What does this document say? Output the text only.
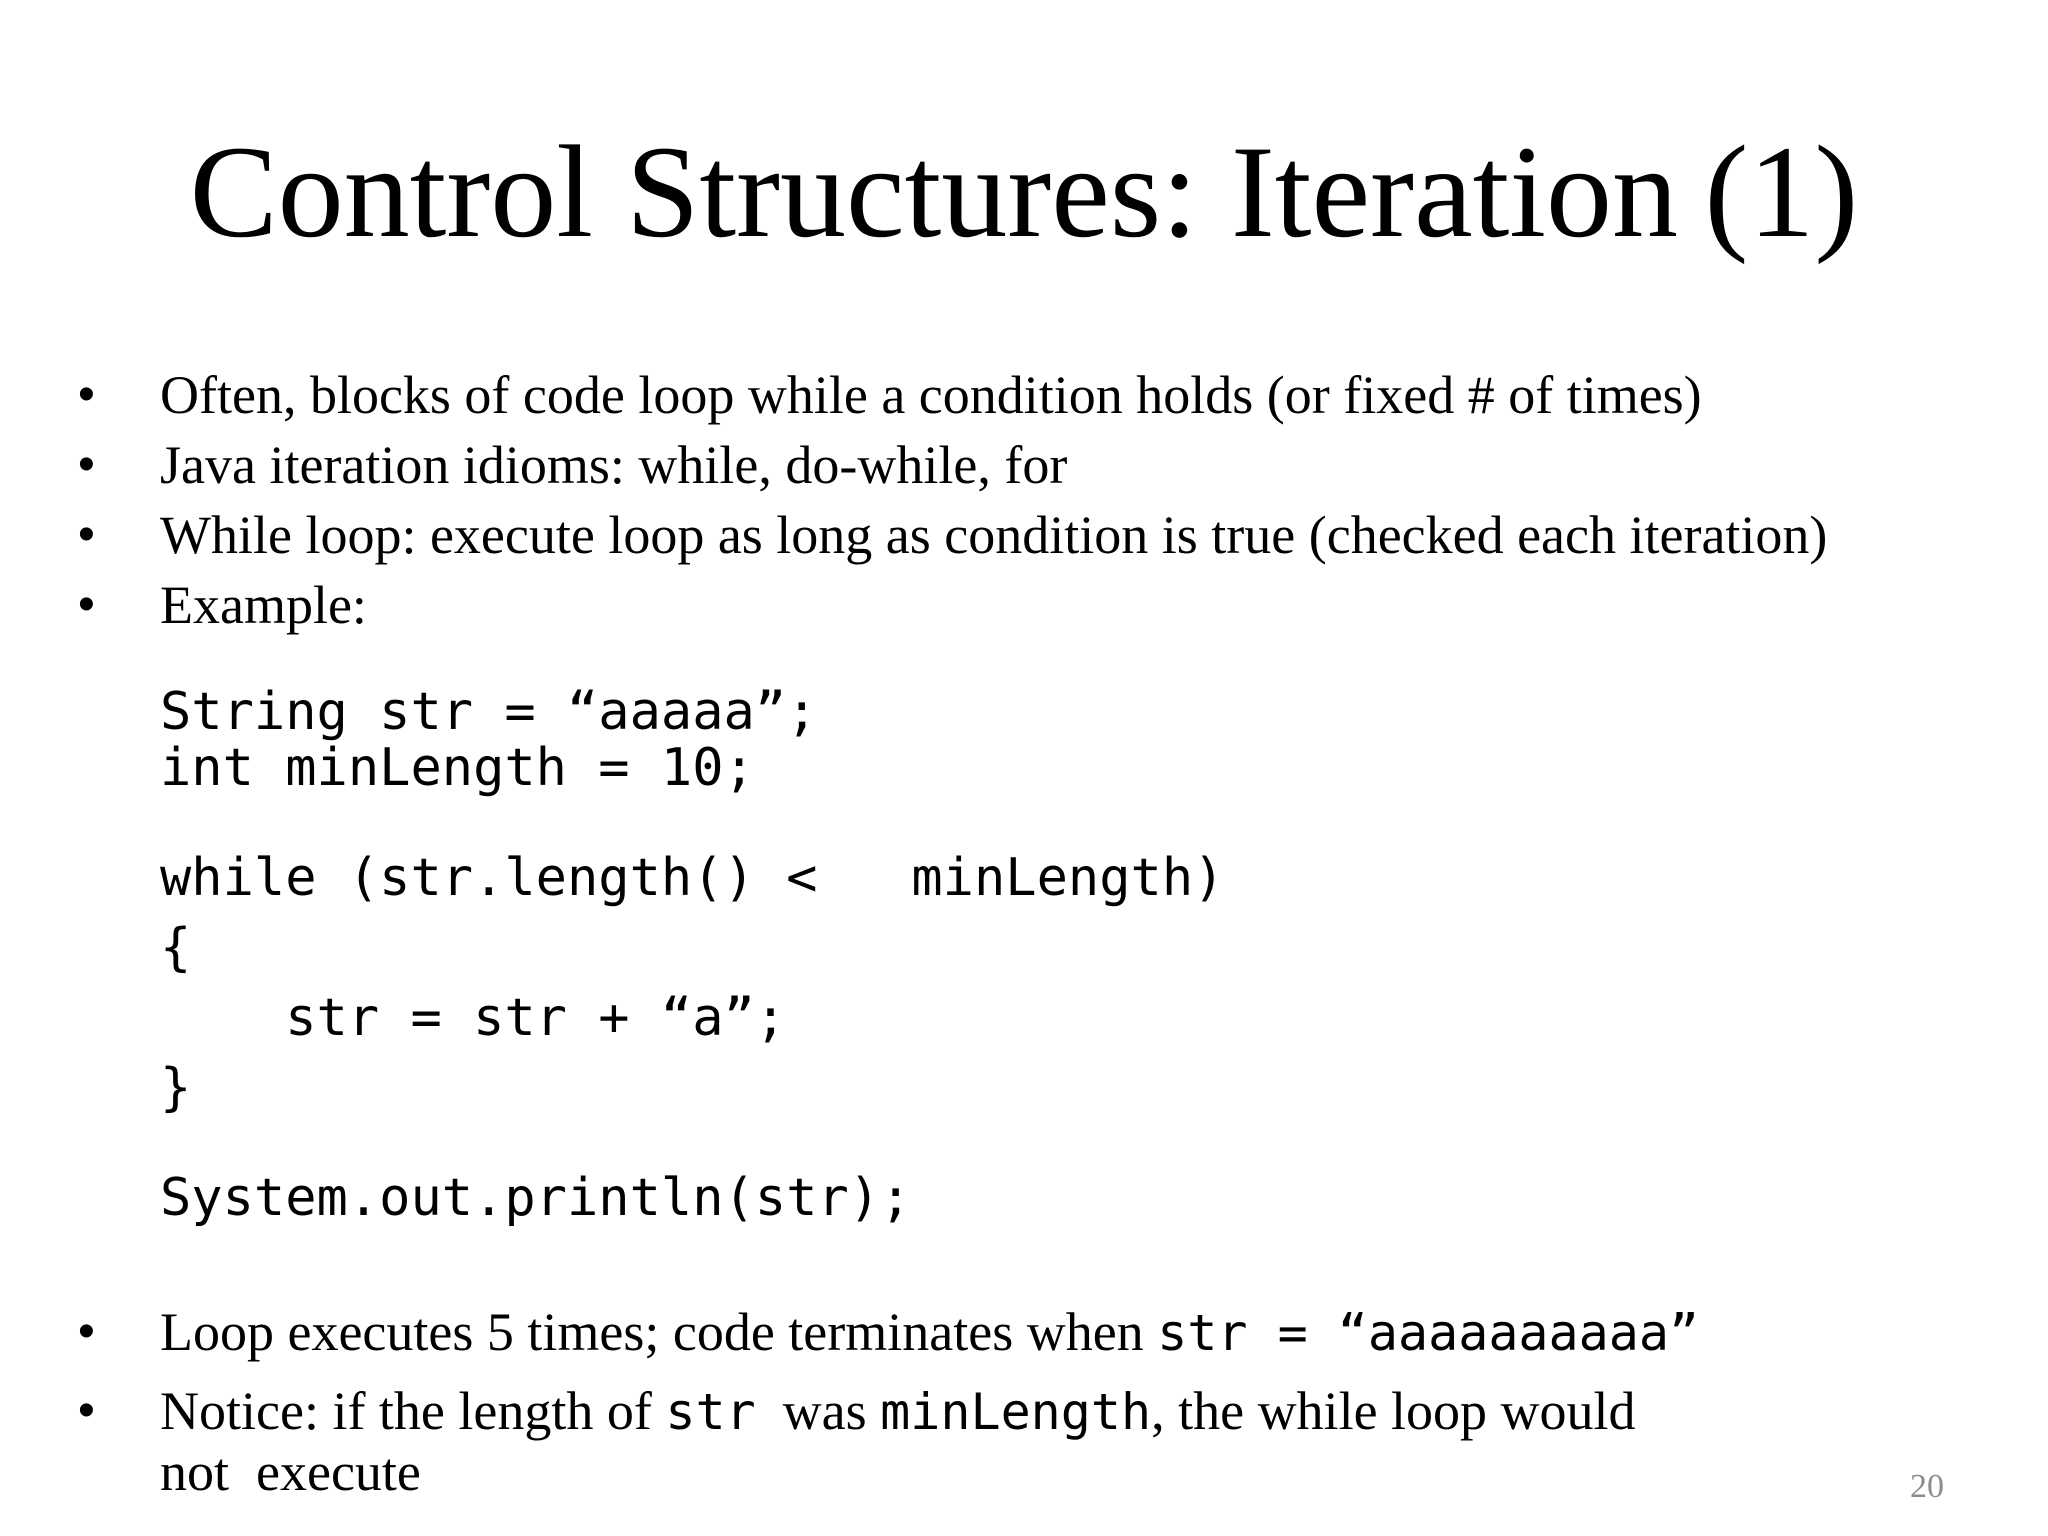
Control Structures: Iteration (1)
•	Often, blocks of code loop while a condition holds (or fixed # of times)
•	Java iteration idioms: while, do-while, for
•	While loop: execute loop as long as condition is true (checked each iteration)
•	Example:

String str = “aaaaa”;

int minLength = 10;

while (str.length() <   minLength)

{

str = str + “a”;

}

System.out.println(str);

•	Loop executes 5 times; code terminates when str = “aaaaaaaaaa”
•	Notice: if the length of str  was minLength, the while loop would
not  execute	20
